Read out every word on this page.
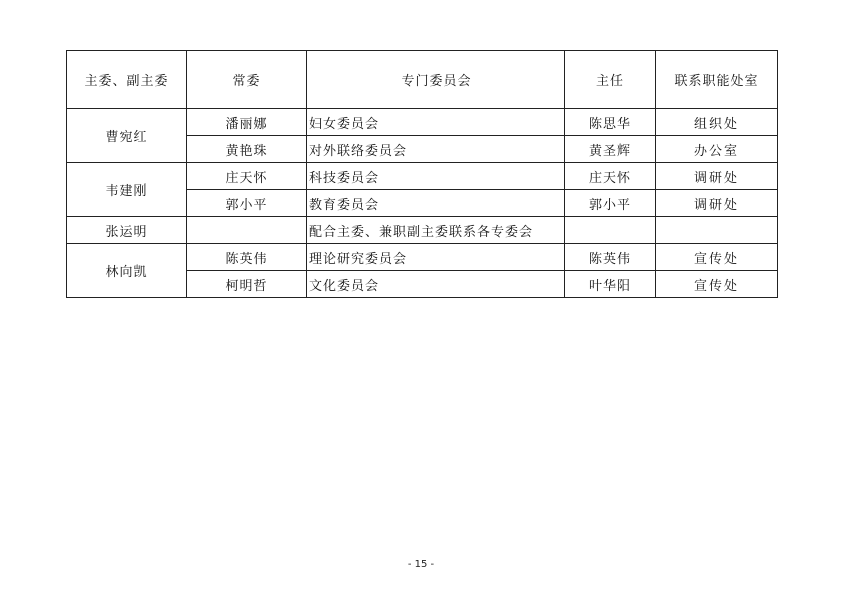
主委、副主委	常委	专门委员会	主任	联系职能处室
曹宛红	潘丽娜	妇女委员会	陈思华	组织处
	黄艳珠	对外联络委员会	黄圣辉	办公室
韦建刚	庄天怀	科技委员会	庄天怀	调研处
	郭小平	教育委员会	郭小平	调研处
张运明		配合主委、兼职副主委联系各专委会		
林向凯	陈英伟	理论研究委员会	陈英伟	宣传处
	柯明哲	文化委员会	叶华阳	宣传处
- 15 -
